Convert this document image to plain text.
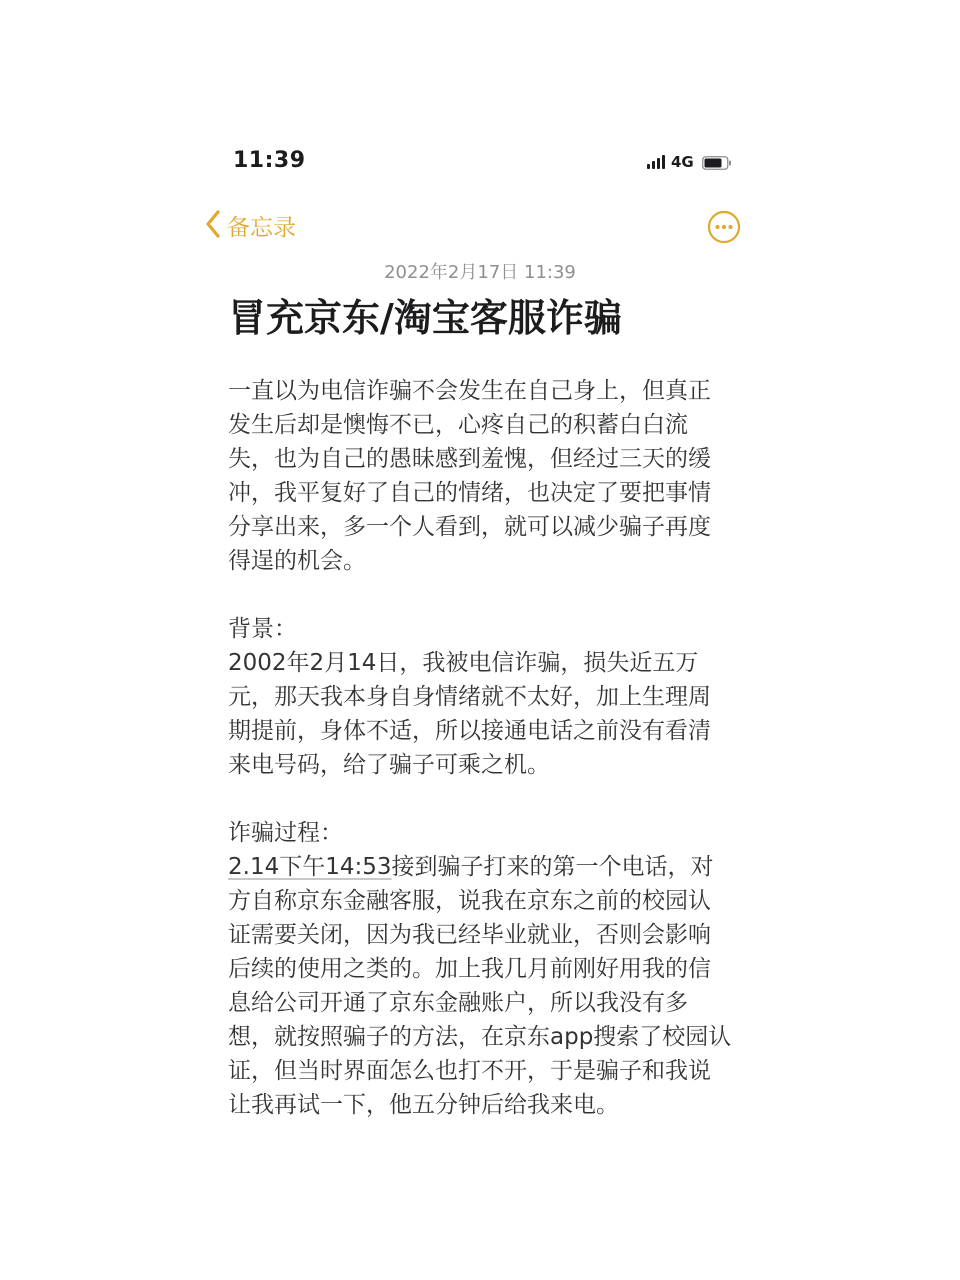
11:39	4G
备忘录
2022年2月17日 11:39
冒充京东/淘宝客服诈骗

一直以为电信诈骗不会发生在自己身上，但真正发生后却是懊悔不已，心疼自己的积蓄白白流失，也为自己的愚昧感到羞愧，但经过三天的缓冲，我平复好了自己的情绪，也决定了要把事情分享出来，多一个人看到，就可以减少骗子再度得逞的机会。

背景：

2002年2月14日，我被电信诈骗，损失近五万元，那天我本身自身情绪就不太好，加上生理周期提前，身体不适，所以接通电话之前没有看清来电号码，给了骗子可乘之机。

诈骗过程：

2.14下午14:53接到骗子打来的第一个电话，对方自称京东金融客服，说我在京东之前的校园认证需要关闭，因为我已经毕业就业，否则会影响后续的使用之类的。加上我几月前刚好用我的信息给公司开通了京东金融账户，所以我没有多想，就按照骗子的方法，在京东app搜索了校园认证，但当时界面怎么也打不开，于是骗子和我说让我再试一下，他五分钟后给我来电。
